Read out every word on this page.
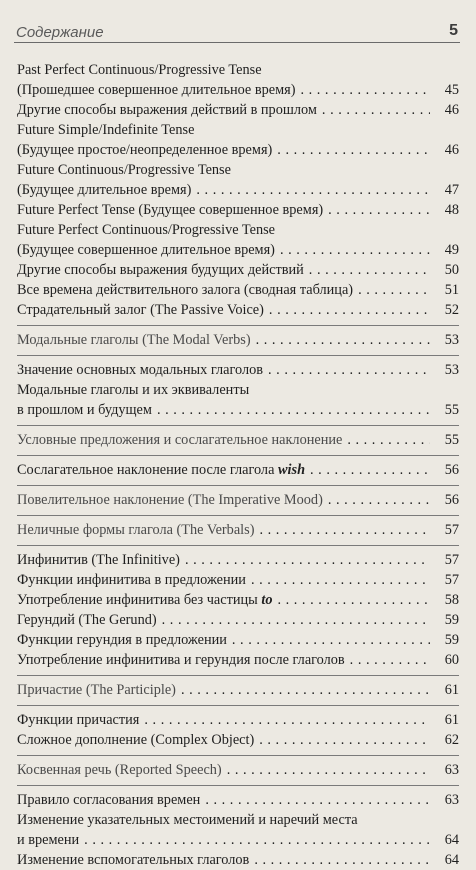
Содержание	5
Past Perfect Continuous/Progressive Tense
(Прошедшее совершенное длительное время) . . .	45
Другие способы выражения действий в прошлом . . .	46
Future Simple/Indefinite Tense
(Будущее простое/неопределенное время) . . .	46
Future Continuous/Progressive Tense
(Будущее длительное время) . . .	47
Future Perfect Tense (Будущее совершенное время) . . .	48
Future Perfect Continuous/Progressive Tense
(Будущее совершенное длительное время) . . .	49
Другие способы выражения будущих действий . . .	50
Все времена действительного залога (сводная таблица) . . .	51
Страдательный залог (The Passive Voice) . . .	52
Модальные глаголы (The Modal Verbs) . . .	53
Значение основных модальных глаголов . . .	53
Модальные глаголы и их эквиваленты
в прошлом и будущем . . .	55
Условные предложения и сослагательное наклонение . . .	55
Сослагательное наклонение после глагола wish . . .	56
Повелительное наклонение (The Imperative Mood) . . .	56
Неличные формы глагола (The Verbals) . . .	57
Инфинитив (The Infinitive) . . .	57
Функции инфинитива в предложении . . .	57
Употребление инфинитива без частицы to . . .	58
Герундий (The Gerund) . . .	59
Функции герундия в предложении . . .	59
Употребление инфинитива и герундия после глаголов . . .	60
Причастие (The Participle) . . .	61
Функции причастия . . .	61
Сложное дополнение (Complex Object) . . .	62
Косвенная речь (Reported Speech) . . .	63
Правило согласования времен . . .	63
Изменение указательных местоимений и наречий места
и времени . . .	64
Изменение вспомогательных глаголов . . .	64
